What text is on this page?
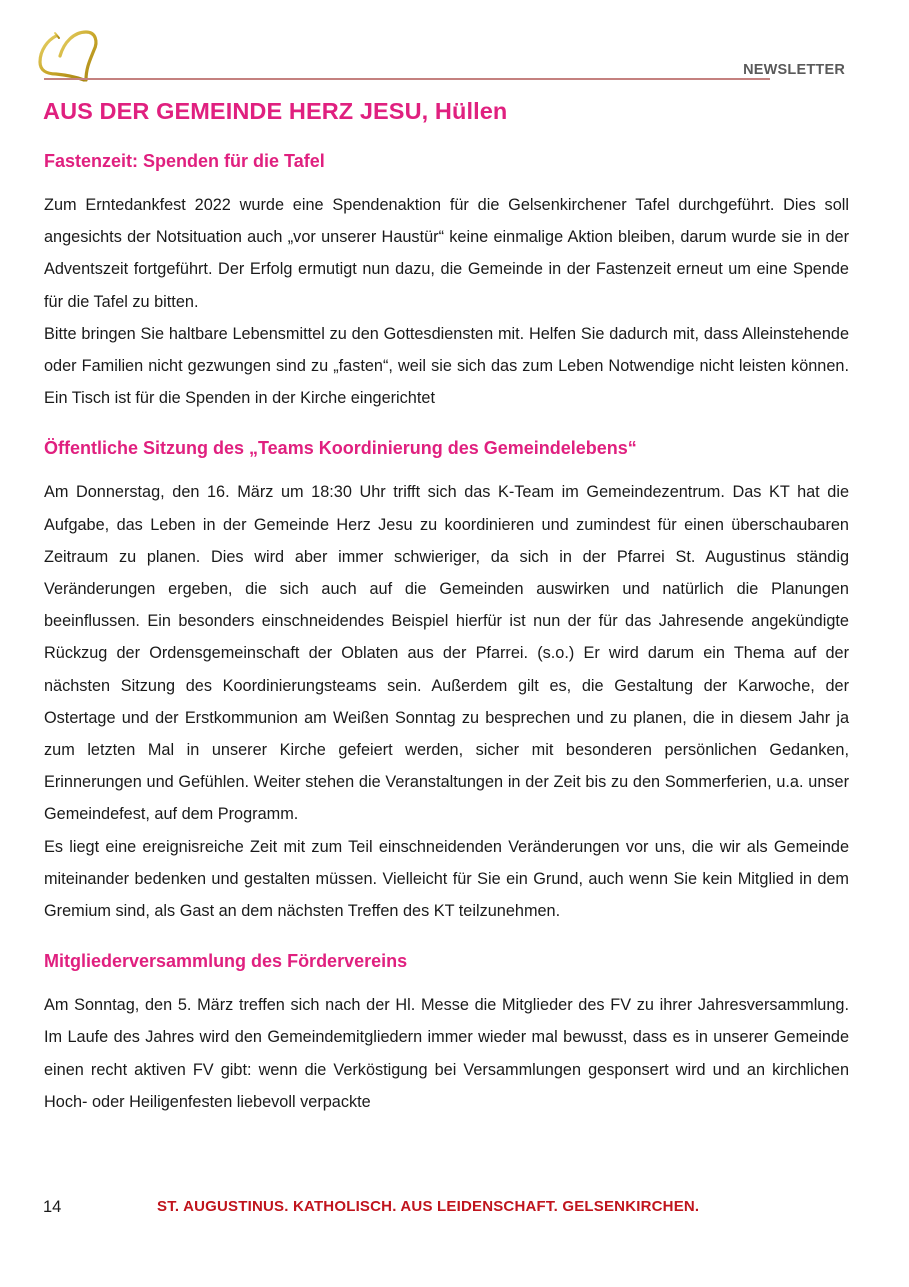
NEWSLETTER
AUS DER GEMEINDE HERZ JESU, Hüllen
Fastenzeit: Spenden für die Tafel

Zum Erntedankfest 2022 wurde eine Spendenaktion für die Gelsenkirchener Tafel durchgeführt. Dies soll angesichts der Notsituation auch „vor unserer Haustür“ keine einmalige Aktion bleiben, darum wurde sie in der Adventszeit fortgeführt. Der Erfolg ermutigt nun dazu, die Gemeinde in der Fastenzeit erneut um eine Spende für die Tafel zu bitten.

Bitte bringen Sie haltbare Lebensmittel zu den Gottesdiensten mit. Helfen Sie dadurch mit, dass Alleinstehende oder Familien nicht gezwungen sind zu „fasten“, weil sie sich das zum Leben Notwendige nicht leisten können. Ein Tisch ist für die Spenden in der Kirche eingerichtet

Öffentliche Sitzung des „Teams Koordinierung des Gemeindelebens“

Am Donnerstag, den 16. März um 18:30 Uhr trifft sich das K-Team im Gemeindezentrum. Das KT hat die Aufgabe, das Leben in der Gemeinde Herz Jesu zu koordinieren und zumindest für einen überschaubaren Zeitraum zu planen. Dies wird aber immer schwieriger, da sich in der Pfarrei St. Augustinus ständig Veränderungen ergeben, die sich auch auf die Gemeinden auswirken und natürlich die Planungen beeinflussen. Ein besonders einschneidendes Beispiel hierfür ist nun der für das Jahresende angekündigte Rückzug der Ordensgemeinschaft der Oblaten aus der Pfarrei. (s.o.) Er wird darum ein Thema auf der nächsten Sitzung des Koordinierungsteams sein. Außerdem gilt es, die Gestaltung der Karwoche, der Ostertage und der Erstkommunion am Weißen Sonntag zu besprechen und zu planen, die in diesem Jahr ja zum letzten Mal in unserer Kirche gefeiert werden, sicher mit besonderen persönlichen Gedanken, Erinnerungen und Gefühlen. Weiter stehen die Veranstaltungen in der Zeit bis zu den Sommerferien, u.a. unser Gemeindefest, auf dem Programm.

Es liegt eine ereignisreiche Zeit mit zum Teil einschneidenden Veränderungen vor uns, die wir als Gemeinde miteinander bedenken und gestalten müssen. Vielleicht für Sie ein Grund, auch wenn Sie kein Mitglied in dem Gremium sind, als Gast an dem nächsten Treffen des KT teilzunehmen.

Mitgliederversammlung des Fördervereins

Am Sonntag, den 5. März treffen sich nach der Hl. Messe die Mitglieder des FV zu ihrer Jahresversammlung. Im Laufe des Jahres wird den Gemeindemitgliedern immer wieder mal bewusst, dass es in unserer Gemeinde einen recht aktiven FV gibt: wenn die Verköstigung bei Versammlungen gesponsert wird und an kirchlichen Hoch- oder Heiligenfesten liebevoll verpackte

14	ST. AUGUSTINUS. KATHOLISCH. AUS LEIDENSCHAFT. GELSENKIRCHEN.
